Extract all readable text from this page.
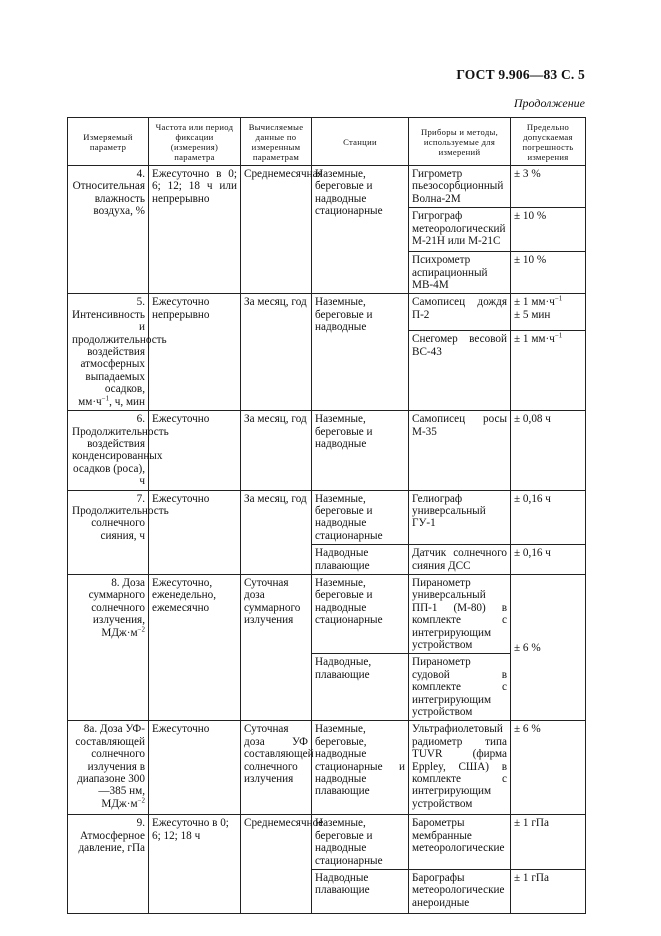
ГОСТ 9.906—83 С. 5
Продолжение
Измеряемый параметр	Частота или период фиксации (измерения) параметра	Вычисляемые данные по измеренным параметрам	Станции	Приборы и методы, используемые для измерений	Предельно допускаемая погрешность измерения
4. Относительная влажность воздуха, %	Ежесуточно в 0; 6; 12; 18 ч или непрерывно	Среднемесячная	Наземные, береговые и надводные стационарные	Гигрометр пьезосорбционный Волна-2М	± 3 %
				Гигрограф метеорологический М-21Н или М-21С	± 10 %
				Психрометр аспирационный МВ-4М	± 10 %
5. Интенсивность и продолжительность воздействия атмосферных выпадаемых осадков, $мм\cdot ч^{-1}$, ч, мин	Ежесуточно непрерывно	За месяц, год	Наземные, береговые и надводные	Самописец дождя П-2	± 1 $мм\cdot ч^{-1}$
± 5 мин
				Снегомер весовой ВС-43	± 1 $мм\cdot ч^{-1}$
6. Продолжительность воздействия конденсированных осадков (роса), ч	Ежесуточно	За месяц, год	Наземные, береговые и надводные	Самописец росы М-35	± 0,08 ч
7. Продолжительность солнечного сияния, ч	Ежесуточно	За месяц, год	Наземные, береговые и надводные стационарные	Гелиограф универсальный ГУ-1	± 0,16 ч
			Надводные плавающие	Датчик солнечного сияния ДСС	± 0,16 ч
8. Доза суммарного солнечного излучения, $МДж\cdot м^{-2}$	Ежесуточно, еженедельно, ежемесячно	Суточная доза суммарного излучения	Наземные, береговые и надводные стационарные	Пиранометр универсальный ПП-1 (М-80) в комплекте с интегрирующим устройством	± 6 %
			Надводные, плавающие	Пиранометр судовой в комплекте с интегрирующим устройством	
8а. Доза УФ-составляющей солнечного излучения в диапазоне 300—385 нм, $МДж\cdot м^{-2}$	Ежесуточно	Суточная доза УФ составляющей солнечного излучения	Наземные, береговые, надводные стационарные и надводные плавающие	Ультрафиолетовый радиометр типа TUVR (фирма Eppley, США) в комплекте с интегрирующим устройством	± 6 %
9. Атмосферное давление, гПа	Ежесуточно в 0; 6; 12; 18 ч	Среднемесячное	Наземные, береговые и надводные стационарные	Барометры мембранные метеорологические	± 1 гПа
			Надводные плавающие	Барографы метеорологические анероидные	± 1 гПа
